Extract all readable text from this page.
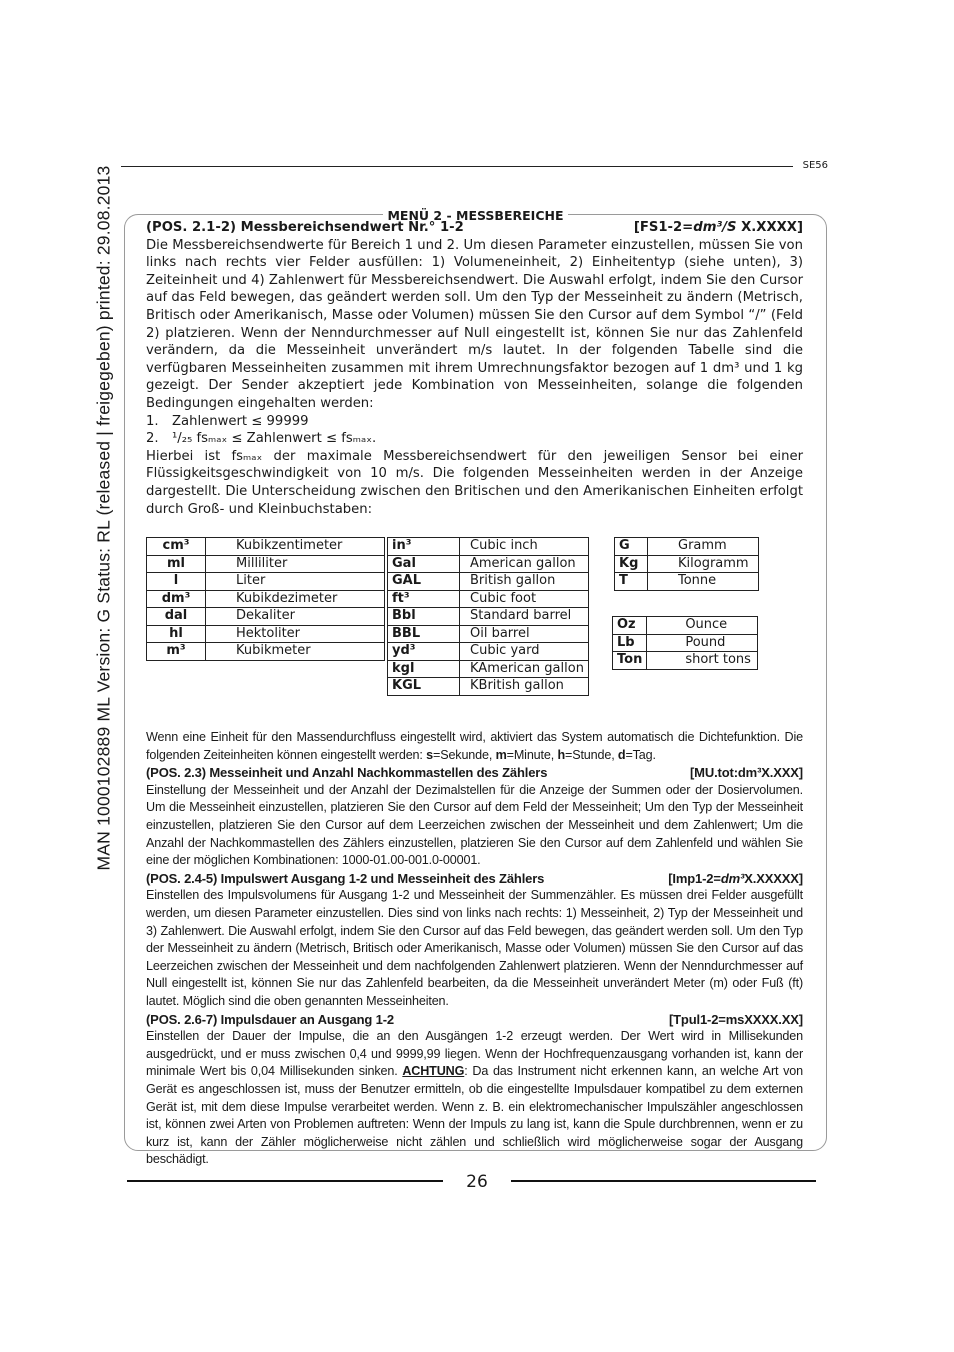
MAN 1000102889 ML Version: G Status: RL (released | freigegeben) printed: 29.08.2013	SE56
MENÜ 2 - MESSBEREICHE
(POS. 2.1-2) Messbereichsendwert Nr.° 1-2	[FS1-2=dm³/S X.XXXX]

Die Messbereichsendwerte für Bereich 1 und 2. Um diesen Parameter einzustellen, müssen Sie von links nach rechts vier Felder ausfüllen: 1) Volumeneinheit, 2) Einheitentyp (siehe unten), 3) Zeiteinheit und 4) Zahlenwert für Messbereichsendwert. Die Auswahl erfolgt, indem Sie den Cursor auf das Feld bewegen, das geändert werden soll. Um den Typ der Messeinheit zu ändern (Metrisch, Britisch oder Amerikanisch, Masse oder Volumen) müssen Sie den Cursor auf dem Symbol “/” (Feld 2) platzieren. Wenn der Nenndurchmesser auf Null eingestellt ist, können Sie nur das Zahlenfeld verändern, da die Messeinheit unverändert m/s lautet. In der folgenden Tabelle sind die verfügbaren Messeinheiten zusammen mit ihrem Umrechnungsfaktor bezogen auf 1 dm³ und 1 kg gezeigt. Der Sender akzeptiert jede Kombination von Messeinheiten, solange die folgenden Bedingungen eingehalten werden:

1. Zahlenwert ≤ 99999
2. ¹/₂₅ fsₘₐₓ ≤ Zahlenwert ≤ fsₘₐₓ.

Hierbei ist fsₘₐₓ der maximale Messbereichsendwert für den jeweiligen Sensor bei einer Flüssigkeitsgeschwindigkeit von 10 m/s. Die folgenden Messeinheiten werden in der Anzeige dargestellt. Die Unterscheidung zwischen den Britischen und den Amerikanischen Einheiten erfolgt durch Groß- und Kleinbuchstaben:

cm³	Kubikzentimeter
ml	Milliliter
l	Liter
dm³	Kubikdezimeter
dal	Dekaliter
hl	Hektoliter
m³	Kubikmeter
in³	Cubic inch
Gal	American gallon
GAL	British gallon
ft³	Cubic foot
Bbl	Standard barrel
BBL	Oil barrel
yd³	Cubic yard
kgl	KAmerican gallon
KGL	KBritish gallon
G	Gramm
Kg	Kilogramm
T	Tonne
Oz	Ounce
Lb	Pound
Ton	short tons

Wenn eine Einheit für den Massendurchfluss eingestellt wird, aktiviert das System automatisch die Dichtefunktion. Die folgenden Zeiteinheiten können eingestellt werden: s=Sekunde, m=Minute, h=Stunde, d=Tag.

(POS. 2.3) Messeinheit und Anzahl Nachkommastellen des Zählers	[MU.tot:dm³X.XXX]

Einstellung der Messeinheit und der Anzahl der Dezimalstellen für die Anzeige der Summen oder der Dosiervolumen. Um die Messeinheit einzustellen, platzieren Sie den Cursor auf dem Feld der Messeinheit; Um den Typ der Messeinheit einzustellen, platzieren Sie den Cursor auf dem Leerzeichen zwischen der Messeinheit und dem Zahlenwert; Um die Anzahl der Nachkommastellen des Zählers einzustellen, platzieren Sie den Cursor auf dem Zahlenfeld und wählen Sie eine der möglichen Kombinationen: 1000-01.00-001.0-00001.

(POS. 2.4-5) Impulswert Ausgang 1-2 und Messeinheit des Zählers	[Imp1-2=dm³X.XXXXX]

Einstellen des Impulsvolumens für Ausgang 1-2 und Messeinheit der Summenzähler. Es müssen drei Felder ausgefüllt werden, um diesen Parameter einzustellen. Dies sind von links nach rechts: 1) Messeinheit, 2) Typ der Messeinheit und 3) Zahlenwert. Die Auswahl erfolgt, indem Sie den Cursor auf das Feld bewegen, das geändert werden soll. Um den Typ der Messeinheit zu ändern (Metrisch, Britisch oder Amerikanisch, Masse oder Volumen) müssen Sie den Cursor auf das Leerzeichen zwischen der Messeinheit und dem nachfolgenden Zahlenwert platzieren. Wenn der Nenndurchmesser auf Null eingestellt ist, können Sie nur das Zahlenfeld bearbeiten, da die Messeinheit unverändert Meter (m) oder Fuß (ft) lautet. Möglich sind die oben genannten Messeinheiten.

(POS. 2.6-7) Impulsdauer an Ausgang 1-2	[Tpul1-2=msXXXX.XX]

Einstellen der Dauer der Impulse, die an den Ausgängen 1-2 erzeugt werden. Der Wert wird in Millisekunden ausgedrückt, und er muss zwischen 0,4 und 9999,99 liegen. Wenn der Hochfrequenzausgang vorhanden ist, kann der minimale Wert bis 0,04 Millisekunden sinken. ACHTUNG: Da das Instrument nicht erkennen kann, an welche Art von Gerät es angeschlossen ist, muss der Benutzer ermitteln, ob die eingestellte Impulsdauer kompatibel zu dem externen Gerät ist, mit dem diese Impulse verarbeitet werden. Wenn z. B. ein elektromechanischer Impulszähler angeschlossen ist, können zwei Arten von Problemen auftreten: Wenn der Impuls zu lang ist, kann die Spule durchbrennen, wenn er zu kurz ist, kann der Zähler möglicherweise nicht zählen und schließlich wird möglicherweise sogar der Ausgang beschädigt.

26
